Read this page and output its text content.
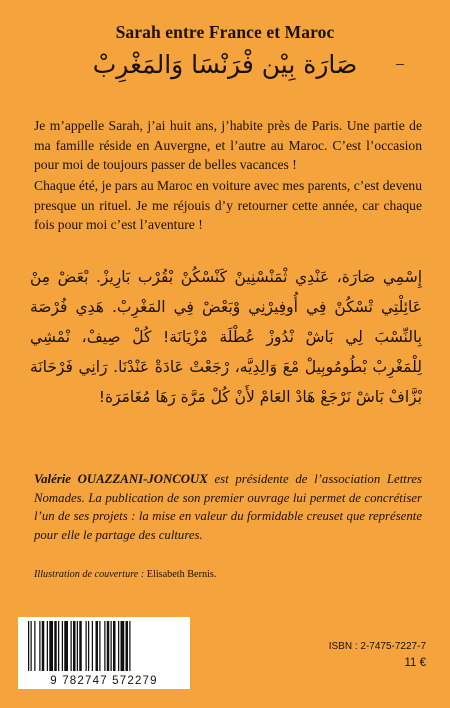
Sarah entre France et Maroc
صَارَة بِيْن فْرَنْسَا وَالمَغْرِبْ

Je m’appelle Sarah, j’ai huit ans, j’habite près de Paris. Une partie de ma famille réside en Auvergne, et l’autre au Maroc. C’est l’occasion pour moi de toujours passer de belles vacances !

Chaque été, je pars au Maroc en voiture avec mes parents, c’est devenu presque un rituel. Je me réjouis d’y retourner cette année, car chaque fois pour moi c’est l’aventure !

إِسْمِي صَارَة، عَنْدِي ثْمَنْسْنِينْ كَنْسْكُنْ بْقُرْب بَارِيزْ. بْعَضْ مِنْ عَائِلْتِي تْسْكُنْ فِي أُوفِيرْنِي وْبَعْضْ فِي المَغْرِبْ. هَدِي فُرْصَة بِالنِّسْبَ لِي بَاشْ نْدُوزْ عُطْلَة مْزْيَانَة! كُلْ صِيفْ، نْمْشِي لِلْمَغْرِبْ بْطُومُوبِيلْ مْعَ وَالِدِيَّه، رْجَعْتْ عَادَةْ عَنْدْنَا. رَانِي فَرْحَانَة بْزَّافْ بَاشْ نَرْجَعْ هَادْ العَامْ لأَنْ كُلْ مَرَّة رَهَا مُغَامَرَة!
Valérie OUAZZANI-JONCOUX est présidente de l’association Lettres Nomades. La publication de son premier ouvrage lui permet de concrétiser l’un de ses projets : la mise en valeur du formidable creuset que représente pour elle le partage des cultures.
Illustration de couverture : Elisabeth Bernis.
9 782747 572279
ISBN : 2-7475-7227-7
11 €
